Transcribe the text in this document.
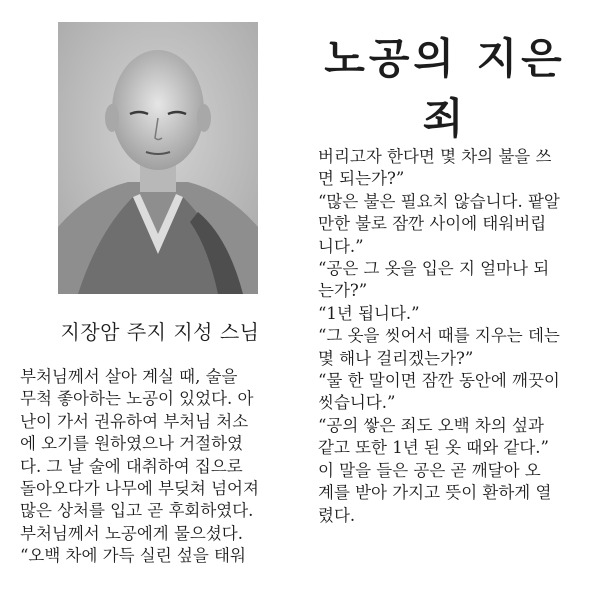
지장암 주지 지성 스님
노공의 지은죄
부처님께서 살아 계실 때, 술을
무척 좋아하는 노공이 있었다. 아
난이 가서 권유하여 부처님 처소
에 오기를 원하였으나 거절하였
다. 그 날 술에 대취하여 집으로
돌아오다가 나무에 부딪쳐 넘어져
많은 상처를 입고 곧 후회하였다.
부처님께서 노공에게 물으셨다.
“오백 차에 가득 실린 섶을 태워
버리고자 한다면 몇 차의 불을 쓰
면 되는가?”
“많은 불은 필요치 않습니다. 팥알
만한 불로 잠깐 사이에 태워버립
니다.”
“공은 그 옷을 입은 지 얼마나 되
는가?”
“1년 됩니다.”
“그 옷을 씻어서 때를 지우는 데는
몇 해나 걸리겠는가?”
“물 한 말이면 잠깐 동안에 깨끗이
씻습니다.”
“공의 쌓은 죄도 오백 차의 섶과
같고 또한 1년 된 옷 때와 같다.”
이 말을 들은 공은 곧 깨달아 오
계를 받아 가지고 뜻이 환하게 열
렸다.
